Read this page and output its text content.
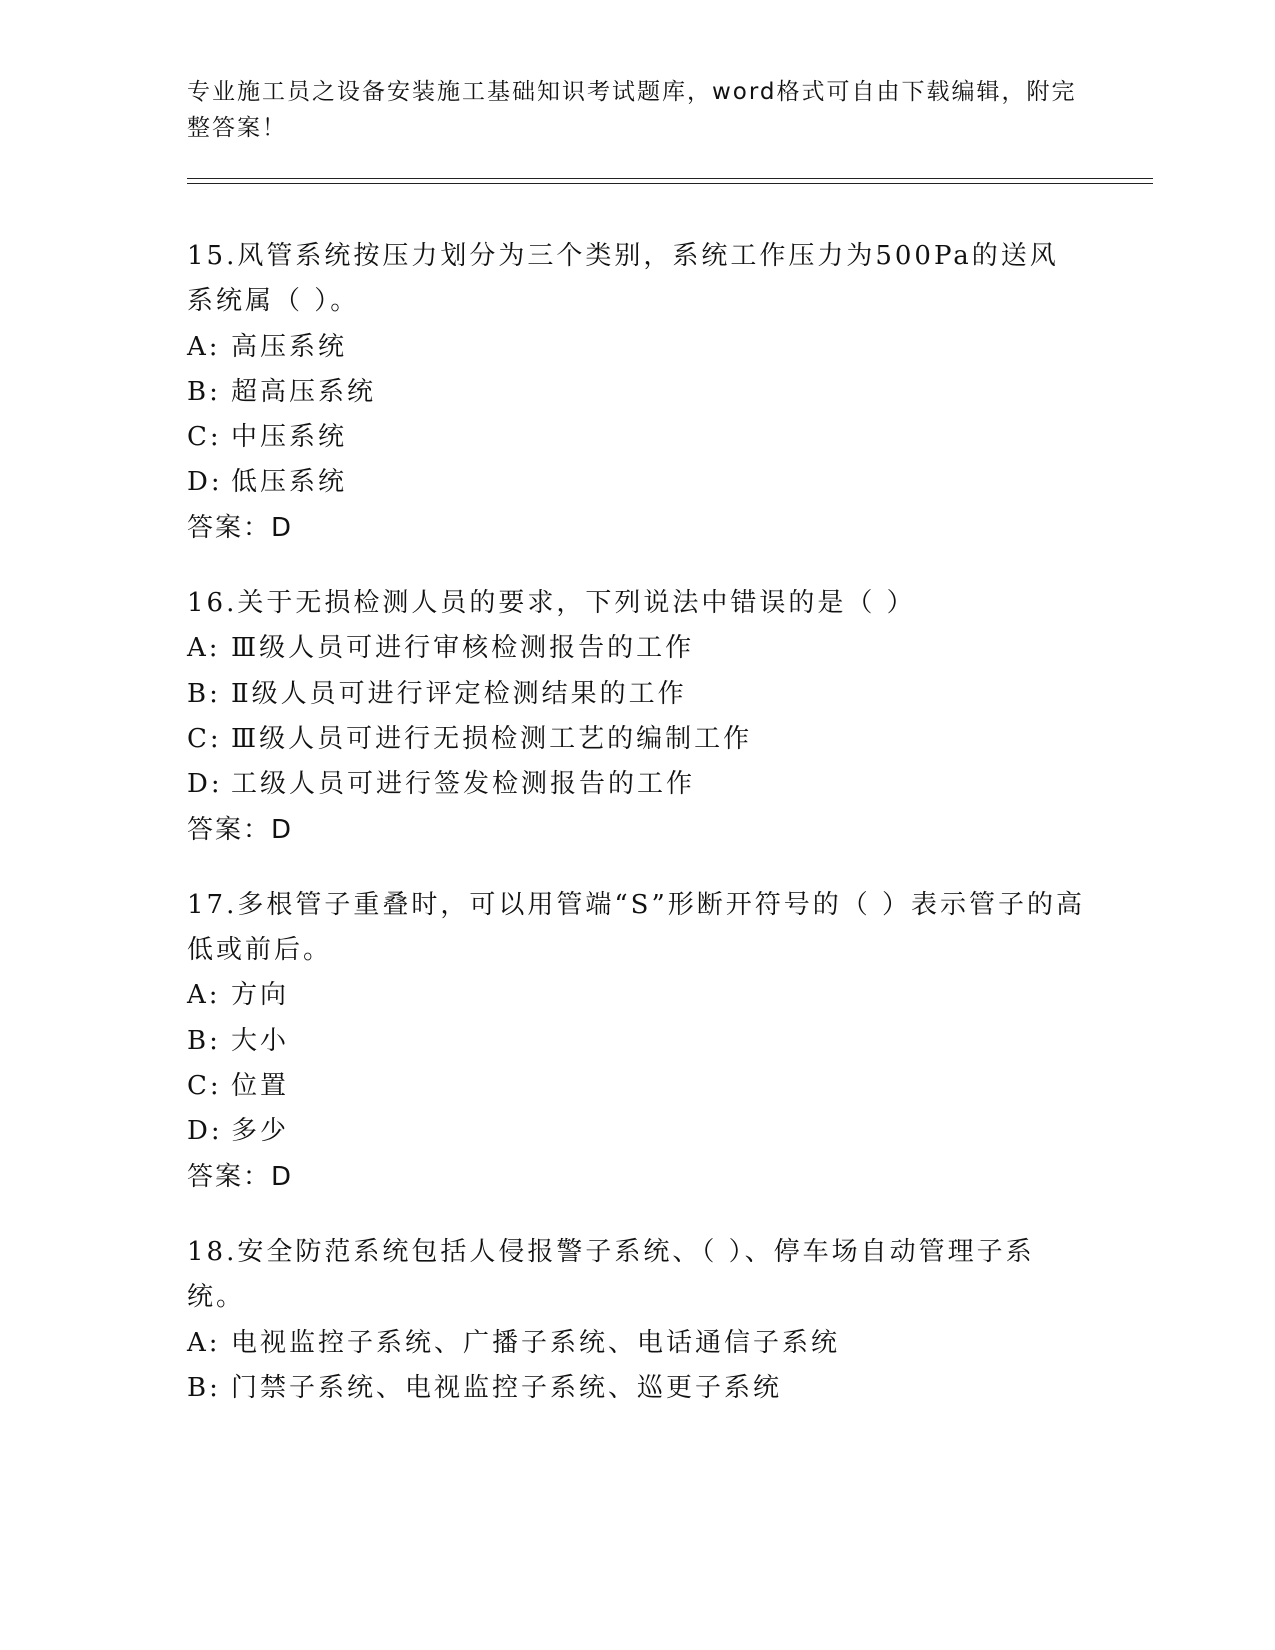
专业施工员之设备安装施工基础知识考试题库，word格式可自由下载编辑，附完整答案！
15.风管系统按压力划分为三个类别，系统工作压力为500Pa的送风系统属（ ）。
A: 高压系统
B: 超高压系统
C: 中压系统
D: 低压系统
答案：D
16.关于无损检测人员的要求，下列说法中错误的是（ ）
A: Ⅲ级人员可进行审核检测报告的工作
B: Ⅱ级人员可进行评定检测结果的工作
C: Ⅲ级人员可进行无损检测工艺的编制工作
D: 工级人员可进行签发检测报告的工作
答案：D
17.多根管子重叠时，可以用管端“S”形断开符号的（ ）表示管子的高低或前后。
A: 方向
B: 大小
C: 位置
D: 多少
答案：D
18.安全防范系统包括人侵报警子系统、（ ）、停车场自动管理子系统。
A: 电视监控子系统、广播子系统、电话通信子系统
B: 门禁子系统、电视监控子系统、巡更子系统
